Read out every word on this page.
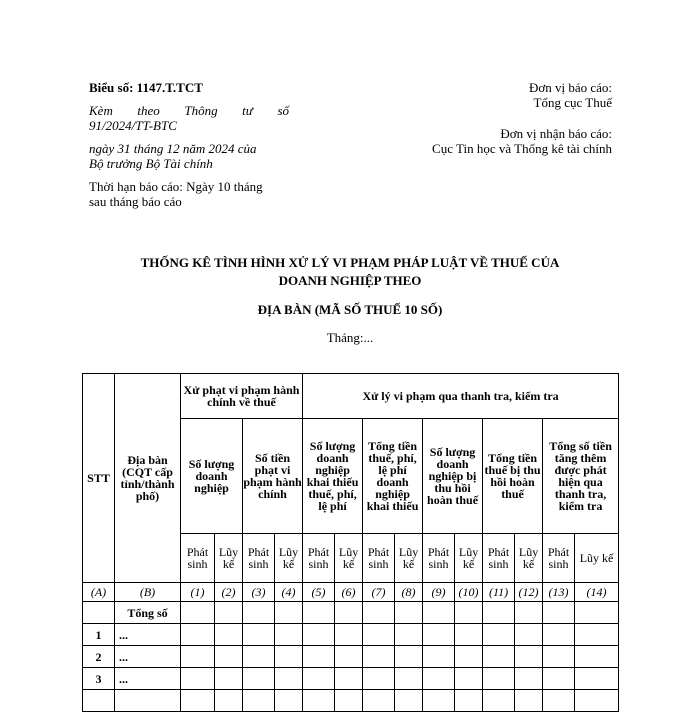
Biểu số: 1147.T.TCT
Kèm theo Thông tư số
91/2024/TT-BTC
ngày 31 tháng 12 năm 2024 của
Bộ trưởng Bộ Tài chính
Thời hạn báo cáo: Ngày 10 tháng
sau tháng báo cáo
Đơn vị báo cáo:
Tổng cục Thuế
Đơn vị nhận báo cáo:
Cục Tin học và Thống kê tài chính
THỐNG KÊ TÌNH HÌNH XỬ LÝ VI PHẠM PHÁP LUẬT VỀ THUẾ CỦA
DOANH NGHIỆP THEO
ĐỊA BÀN (MÃ SỐ THUẾ 10 SỐ)
Tháng:...
STT	Địa bàn (CQT cấp tỉnh/thành phố)	Xử phạt vi phạm hành chính về thuế				Xử lý vi phạm qua thanh tra, kiểm tra									
		Số lượng doanh nghiệp		Số tiền phạt vi phạm hành chính		Số lượng doanh nghiệp khai thiếu thuế, phí, lệ phí		Tổng tiền thuế, phí, lệ phí doanh nghiệp khai thiếu		Số lượng doanh nghiệp bị thu hồi hoàn thuế		Tổng tiền thuế bị thu hồi hoàn thuế		Tổng số tiền tăng thêm được phát hiện qua thanh tra, kiểm tra	
		Phát sinh	Lũy kế	Phát sinh	Lũy kế	Phát sinh	Lũy kế	Phát sinh	Lũy kế	Phát sinh	Lũy kế	Phát sinh	Lũy kế	Phát sinh	Lũy kế
(A)	(B)	(1)	(2)	(3)	(4)	(5)	(6)	(7)	(8)	(9)	(10)	(11)	(12)	(13)	(14)
	Tổng số														
1	...														
2	...														
3	...														
